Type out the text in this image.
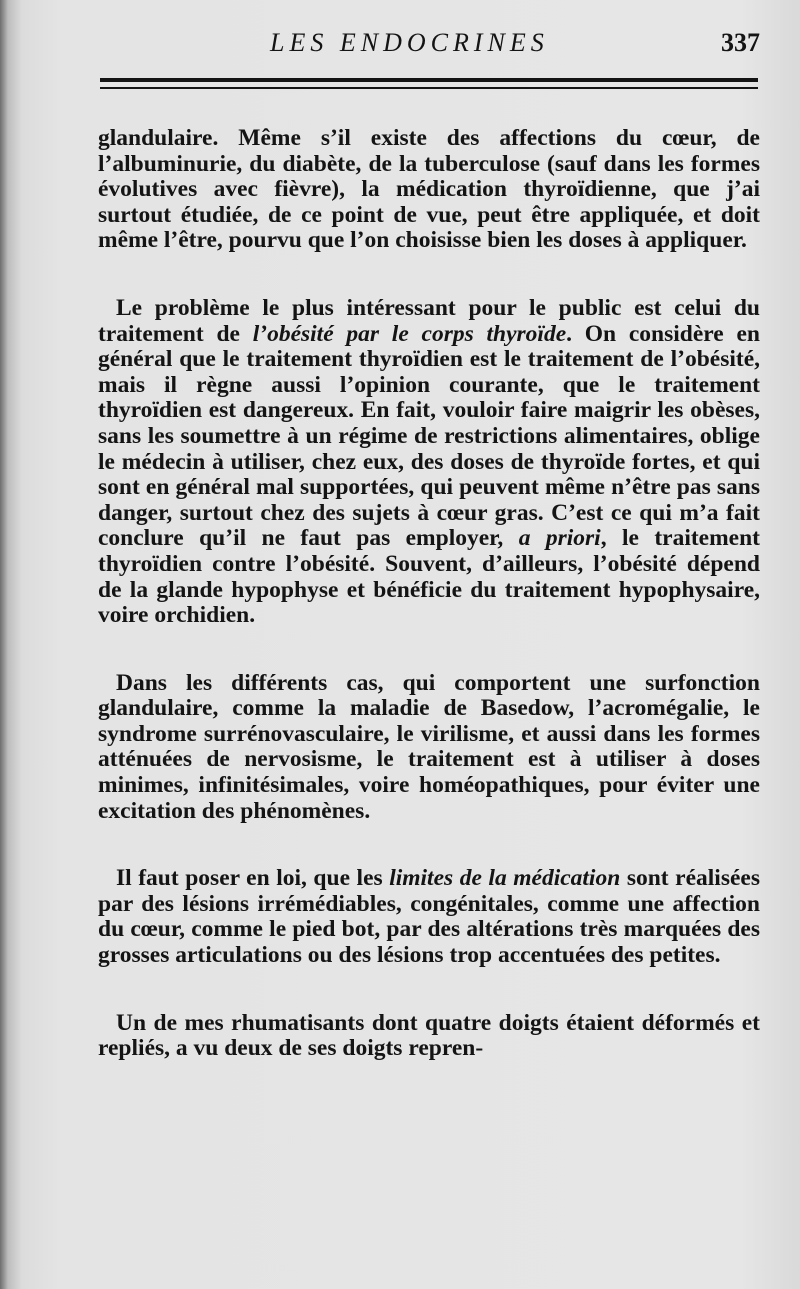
LES ENDOCRINES	337

glandulaire. Même s’il existe des affections du cœur, de l’albuminurie, du diabète, de la tuberculose (sauf dans les formes évolutives avec fièvre), la médication thyroïdienne, que j’ai surtout étudiée, de ce point de vue, peut être appliquée, et doit même l’être, pourvu que l’on choisisse bien les doses à appliquer.

Le problème le plus intéressant pour le public est celui du traitement de l’obésité par le corps thyroïde. On considère en général que le traitement thyroïdien est le traitement de l’obésité, mais il règne aussi l’opinion courante, que le traitement thyroïdien est dangereux. En fait, vouloir faire maigrir les obèses, sans les soumettre à un régime de restrictions alimentaires, oblige le médecin à utiliser, chez eux, des doses de thyroïde fortes, et qui sont en général mal supportées, qui peuvent même n’être pas sans danger, surtout chez des sujets à cœur gras. C’est ce qui m’a fait conclure qu’il ne faut pas employer, a priori, le traitement thyroïdien contre l’obésité. Souvent, d’ailleurs, l’obésité dépend de la glande hypophyse et bénéficie du traitement hypophysaire, voire orchidien.

Dans les différents cas, qui comportent une surfonction glandulaire, comme la maladie de Basedow, l’acromégalie, le syndrome surrénovasculaire, le virilisme, et aussi dans les formes atténuées de nervosisme, le traitement est à utiliser à doses minimes, infinitésimales, voire homéopathiques, pour éviter une excitation des phénomènes.

Il faut poser en loi, que les limites de la médication sont réalisées par des lésions irrémédiables, congénitales, comme une affection du cœur, comme le pied bot, par des altérations très marquées des grosses articulations ou des lésions trop accentuées des petites.

Un de mes rhumatisants dont quatre doigts étaient déformés et repliés, a vu deux de ses doigts repren-
